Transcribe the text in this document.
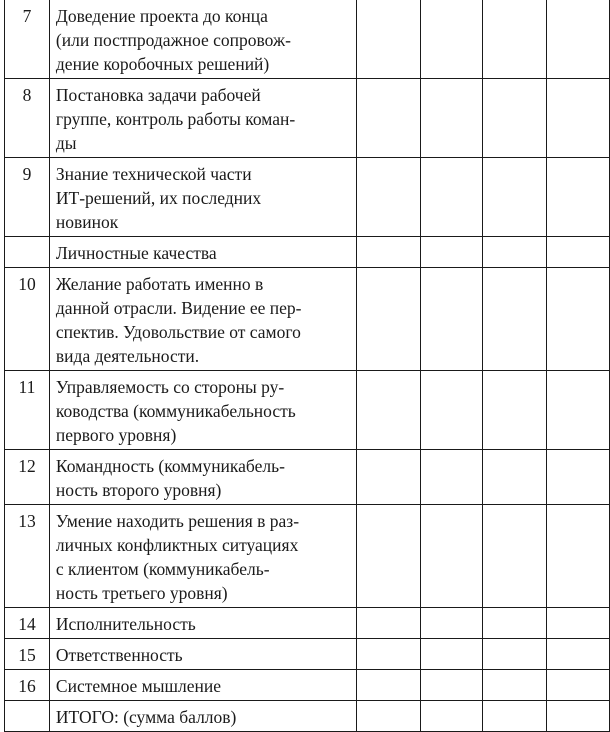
7	Доведение проекта до конца
(или постпродажное сопровож-
дение коробочных решений)				

8	Постановка задачи рабочей
группе, контроль работы коман-
ды				

9	Знание технической части
ИТ-решений, их последних
новинок				

	Личностные качества				

10	Желание работать именно в
данной отрасли. Видение ее пер-
спектив. Удовольствие от самого
вида деятельности.				

11	Управляемость со стороны ру-
ководства (коммуникабельность
первого уровня)				

12	Командность (коммуникабель-
ность второго уровня)				

13	Умение находить решения в раз-
личных конфликтных ситуациях
с клиентом (коммуникабель-
ность третьего уровня)				

14	Исполнительность				

15	Ответственность				

16	Системное мышление				

	ИТОГО: (сумма баллов)				
